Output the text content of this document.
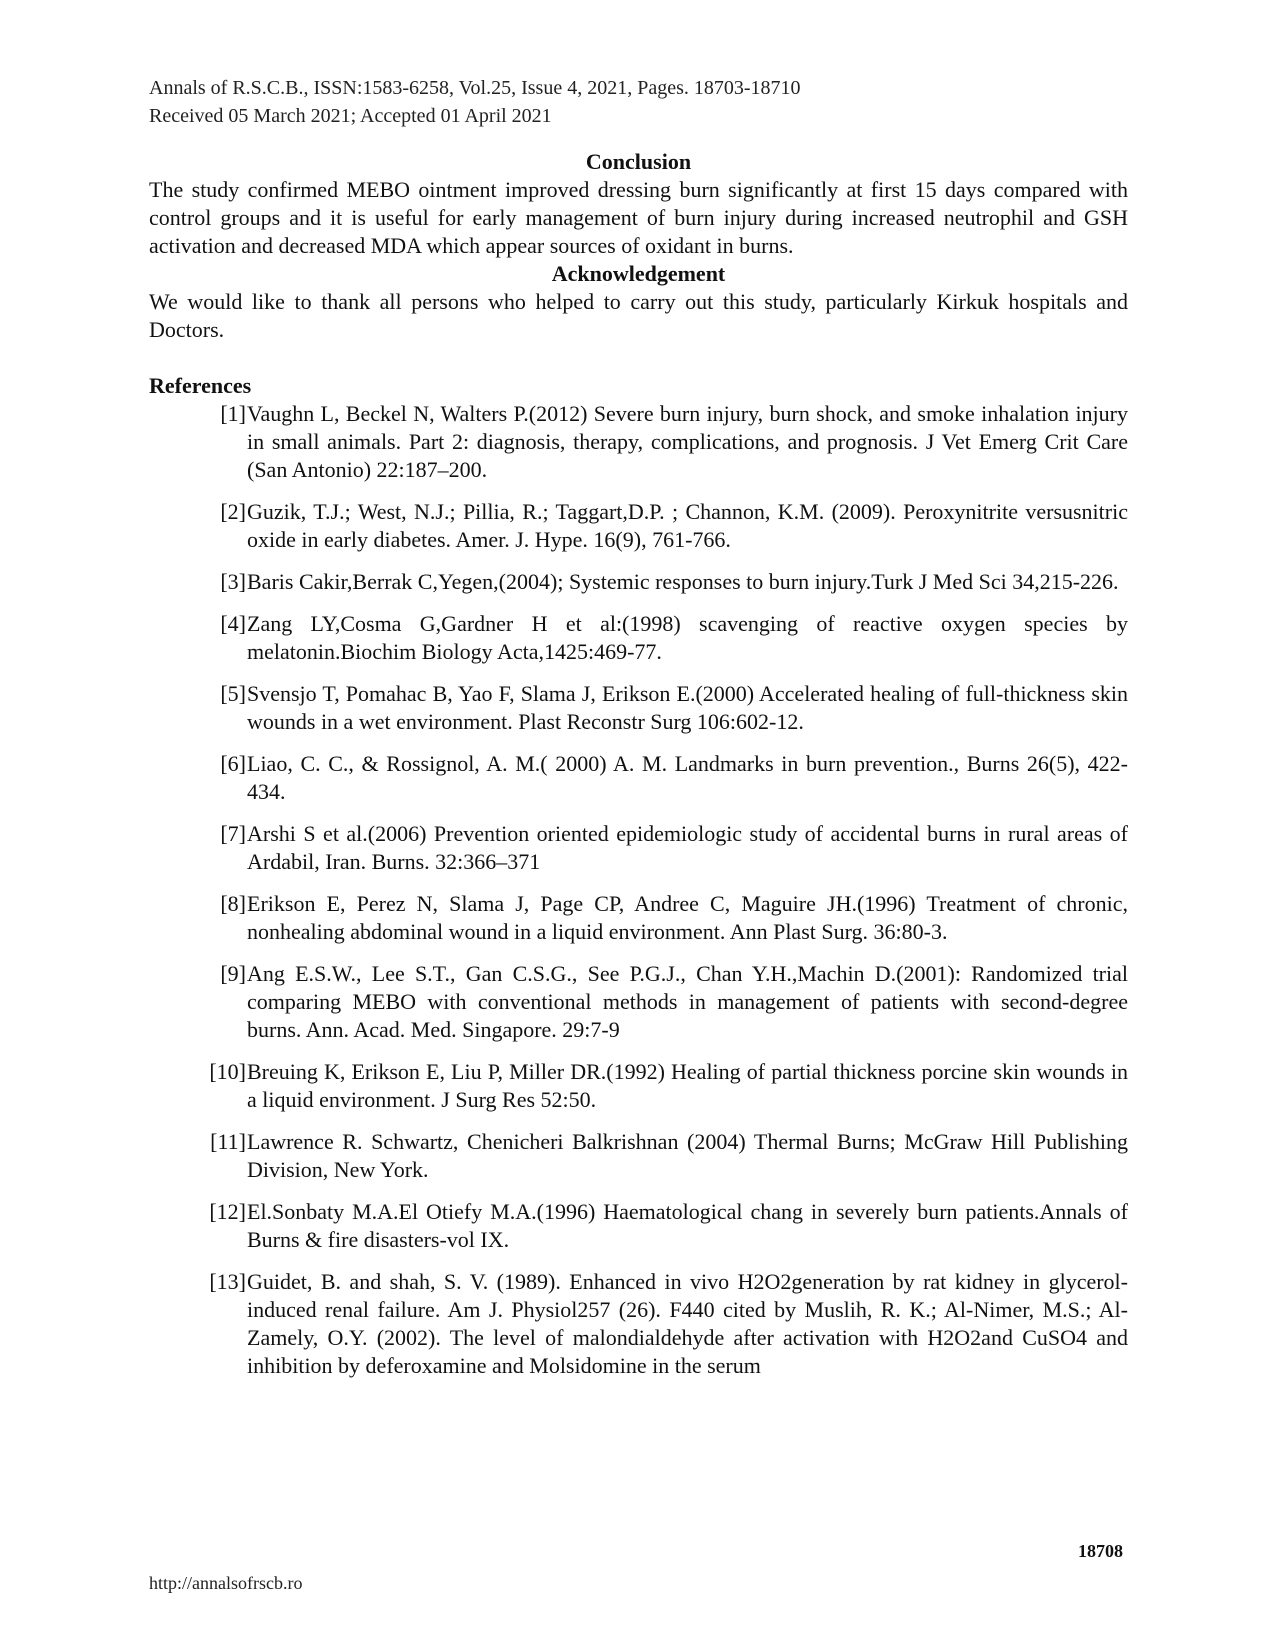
Annals of R.S.C.B., ISSN:1583-6258, Vol.25, Issue 4, 2021, Pages. 18703-18710
Received 05 March 2021; Accepted 01 April 2021
Conclusion

The study confirmed MEBO ointment improved dressing burn significantly at first 15 days compared with control groups and it is useful for early management of burn injury during increased neutrophil and GSH activation and decreased MDA which appear sources of oxidant in burns.

Acknowledgement

We would like to thank all persons who helped to carry out this study, particularly Kirkuk hospitals and Doctors.

References
[1] Vaughn L, Beckel N, Walters P.(2012) Severe burn injury, burn shock, and smoke inhalation injury in small animals. Part 2: diagnosis, therapy, complications, and prognosis. J Vet Emerg Crit Care (San Antonio) 22:187–200.
[2] Guzik, T.J.; West, N.J.; Pillia, R.; Taggart,D.P. ; Channon, K.M. (2009). Peroxynitrite versusnitric oxide in early diabetes. Amer. J. Hype. 16(9), 761-766.
[3] Baris Cakir,Berrak C,Yegen,(2004); Systemic responses to burn injury.Turk J Med Sci 34,215-226.
[4] Zang LY,Cosma G,Gardner H et al:(1998) scavenging of reactive oxygen species by melatonin.Biochim Biology Acta,1425:469-77.
[5] Svensjo T, Pomahac B, Yao F, Slama J, Erikson E.(2000) Accelerated healing of full-thickness skin wounds in a wet environment. Plast Reconstr Surg 106:602-12.
[6] Liao, C. C., & Rossignol, A. M.( 2000) A. M. Landmarks in burn prevention., Burns 26(5), 422-434.
[7] Arshi S et al.(2006) Prevention oriented epidemiologic study of accidental burns in rural areas of Ardabil, Iran. Burns. 32:366–371
[8] Erikson E, Perez N, Slama J, Page CP, Andree C, Maguire JH.(1996) Treatment of chronic, nonhealing abdominal wound in a liquid environment. Ann Plast Surg. 36:80-3.
[9] Ang E.S.W., Lee S.T., Gan C.S.G., See P.G.J., Chan Y.H.,Machin D.(2001): Randomized trial comparing MEBO with conventional methods in management of patients with second-degree burns. Ann. Acad. Med. Singapore. 29:7-9
[10] Breuing K, Erikson E, Liu P, Miller DR.(1992) Healing of partial thickness porcine skin wounds in a liquid environment. J Surg Res 52:50.
[11] Lawrence R. Schwartz, Chenicheri Balkrishnan (2004) Thermal Burns; McGraw Hill Publishing Division, New York.
[12] El.Sonbaty M.A.El Otiefy M.A.(1996) Haematological chang in severely burn patients.Annals of Burns & fire disasters-vol IX.
[13] Guidet, B. and shah, S. V. (1989). Enhanced in vivo H2O2generation by rat kidney in glycerol-induced renal failure. Am J. Physiol257 (26). F440 cited by Muslih, R. K.; Al-Nimer, M.S.; Al-Zamely, O.Y. (2002). The level of malondialdehyde after activation with H2O2and CuSO4 and inhibition by deferoxamine and Molsidomine in the serum
18708
http://annalsofrscb.ro
